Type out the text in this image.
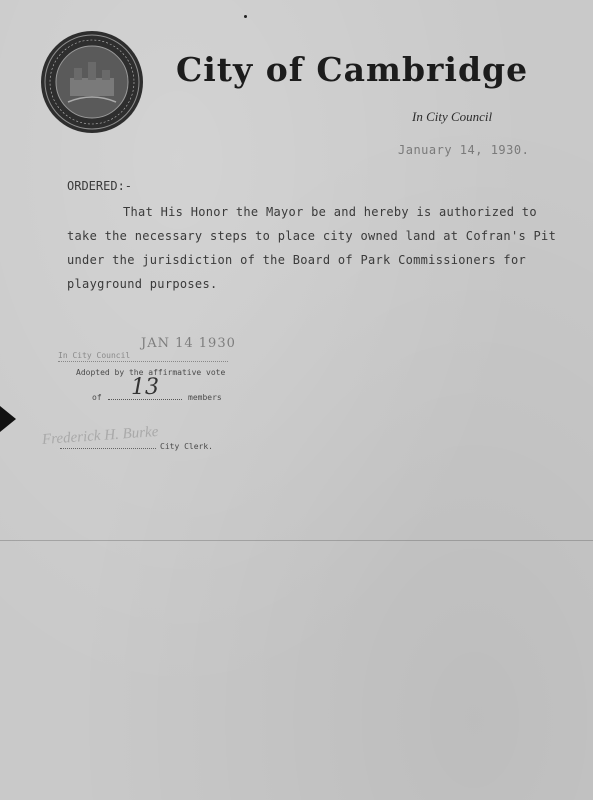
City of Cambridge
In City Council
January 14, 1930.
ORDERED:-
That His Honor the Mayor be and hereby is authorized to
take the necessary steps to place city owned land at Cofran's Pit
under the jurisdiction of the Board of Park Commissioners for
playground purposes.
JAN 14 1930
In City Council
Adopted by the affirmative vote
of	13	members
Frederick H. Burke City Clerk.
